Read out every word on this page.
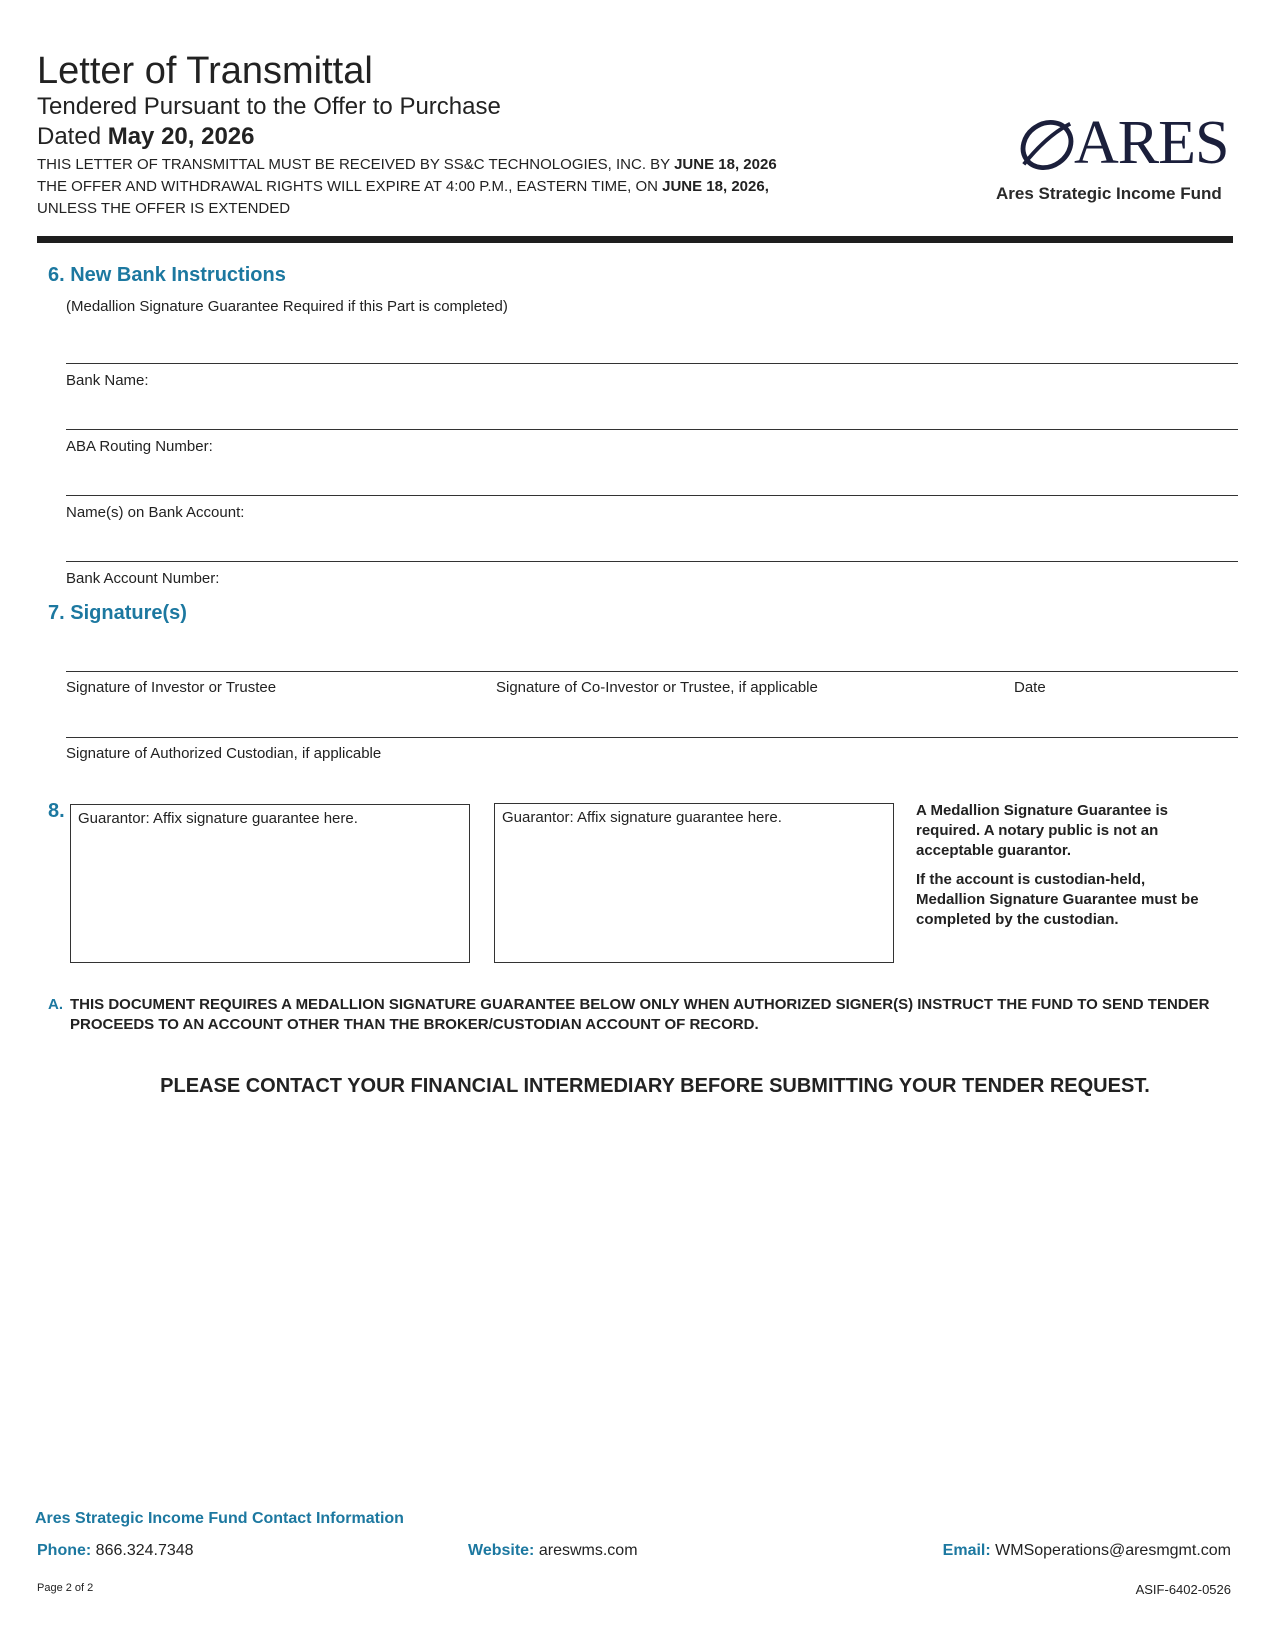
Letter of Transmittal
Tendered Pursuant to the Offer to Purchase
Dated May 20, 2026
THIS LETTER OF TRANSMITTAL MUST BE RECEIVED BY SS&C TECHNOLOGIES, INC. BY JUNE 18, 2026
THE OFFER AND WITHDRAWAL RIGHTS WILL EXPIRE AT 4:00 P.M., EASTERN TIME, ON JUNE 18, 2026,
UNLESS THE OFFER IS EXTENDED
ARES
Ares Strategic Income Fund
6. New Bank Instructions
(Medallion Signature Guarantee Required if this Part is completed)
Bank Name:
ABA Routing Number:
Name(s) on Bank Account:
Bank Account Number:
7. Signature(s)
Signature of Investor or Trustee	Signature of Co-Investor or Trustee, if applicable	Date
Signature of Authorized Custodian, if applicable
8. Guarantor: Affix signature guarantee here.	Guarantor: Affix signature guarantee here.	A Medallion Signature Guarantee is required. A notary public is not an acceptable guarantor.
If the account is custodian-held, Medallion Signature Guarantee must be completed by the custodian.
A. THIS DOCUMENT REQUIRES A MEDALLION SIGNATURE GUARANTEE BELOW ONLY WHEN AUTHORIZED SIGNER(S) INSTRUCT THE FUND TO SEND TENDER PROCEEDS TO AN ACCOUNT OTHER THAN THE BROKER/CUSTODIAN ACCOUNT OF RECORD.
PLEASE CONTACT YOUR FINANCIAL INTERMEDIARY BEFORE SUBMITTING YOUR TENDER REQUEST.
Ares Strategic Income Fund Contact Information
Phone: 866.324.7348	Website: areswms.com	Email: WMSoperations@aresmgmt.com
Page 2 of 2	ASIF-6402-0526
